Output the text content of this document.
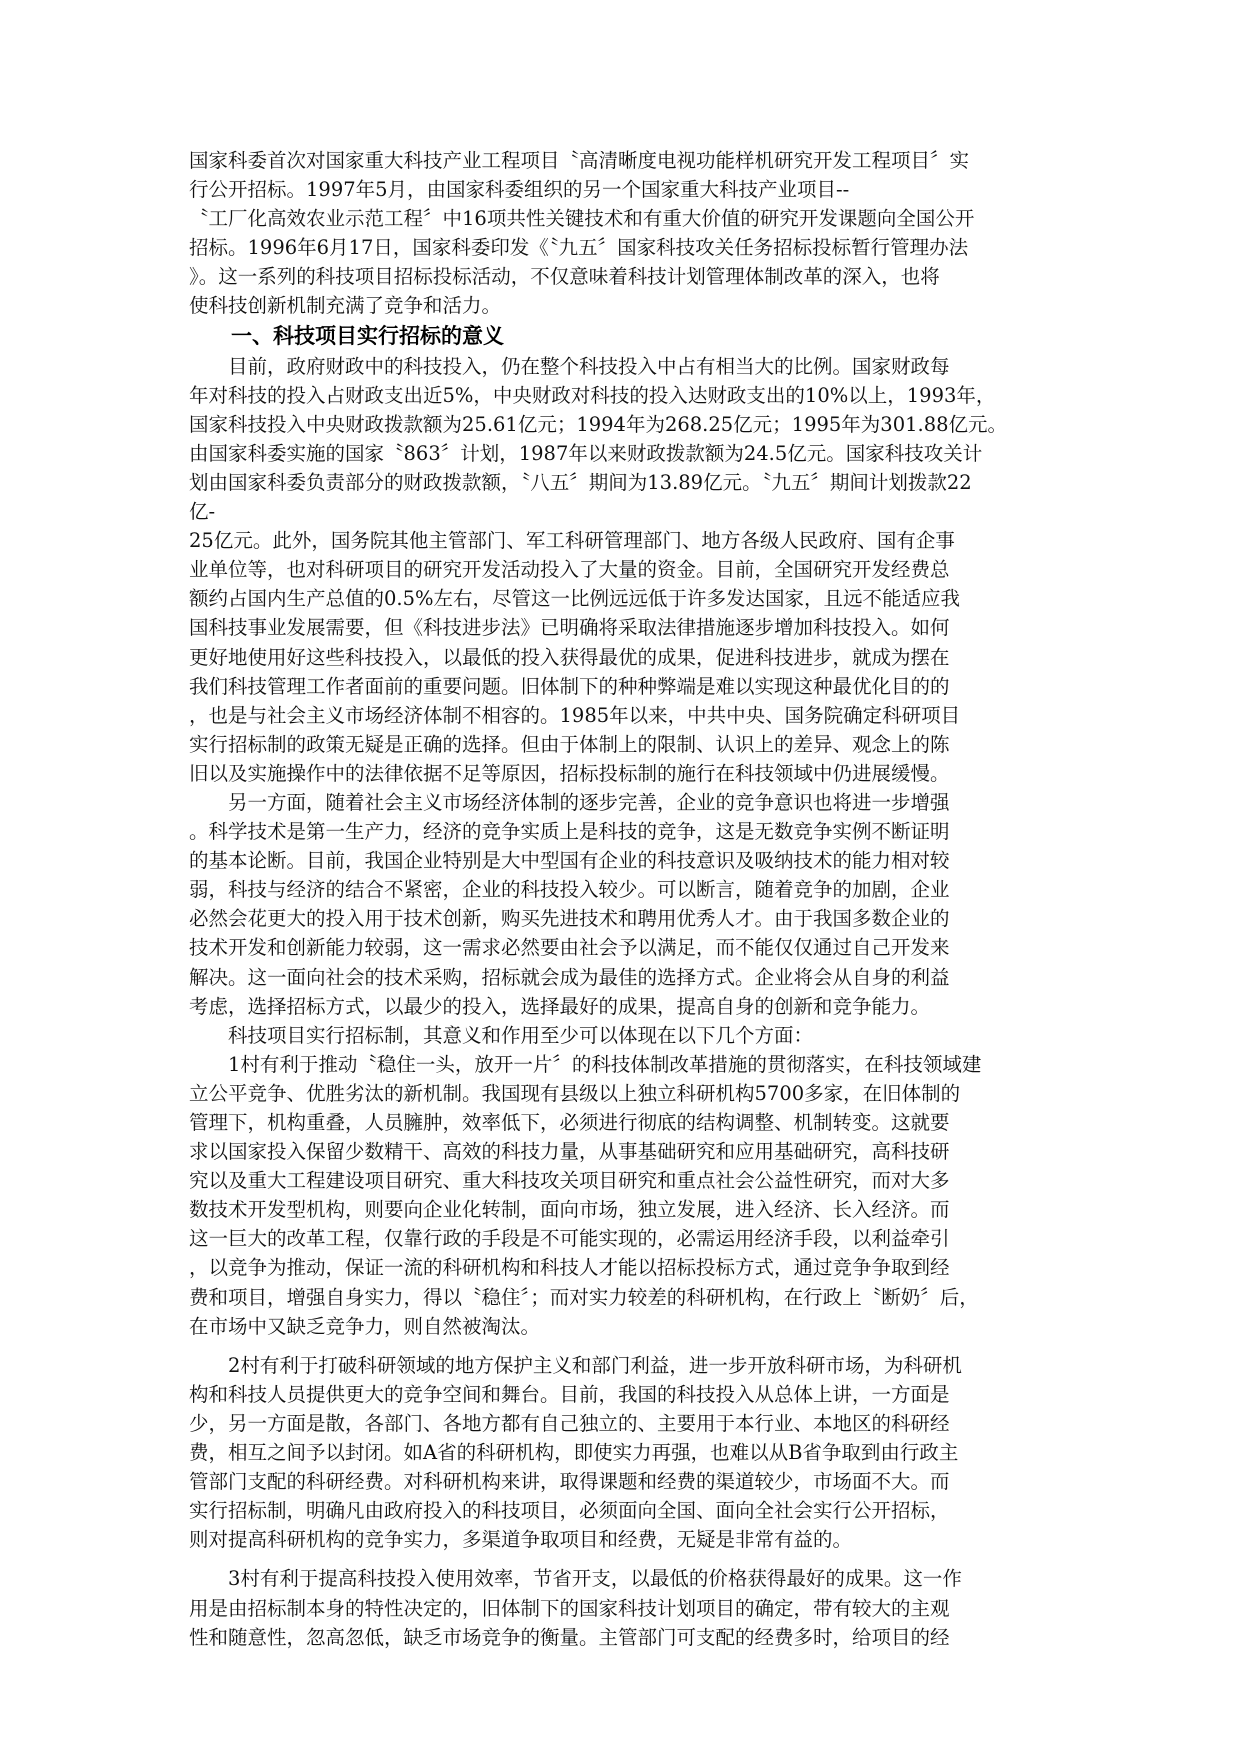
国家科委首次对国家重大科技产业工程项目〝高清晰度电视功能样机研究开发工程项目〞实
行公开招标。1997年5月，由国家科委组织的另一个国家重大科技产业项目--
〝工厂化高效农业示范工程〞中16项共性关键技术和有重大价值的研究开发课题向全国公开
招标。1996年6月17日，国家科委印发《〝九五〞国家科技攻关任务招标投标暂行管理办法
》。这一系列的科技项目招标投标活动，不仅意味着科技计划管理体制改革的深入，也将
使科技创新机制充满了竞争和活力。
一、科技项目实行招标的意义
目前，政府财政中的科技投入，仍在整个科技投入中占有相当大的比例。国家财政每
年对科技的投入占财政支出近5%，中央财政对科技的投入达财政支出的10%以上，1993年，
国家科技投入中央财政拨款额为25.61亿元；1994年为268.25亿元；1995年为301.88亿元。
由国家科委实施的国家〝863〞计划，1987年以来财政拨款额为24.5亿元。国家科技攻关计
划由国家科委负责部分的财政拨款额，〝八五〞期间为13.89亿元。〝九五〞期间计划拨款22
亿-
25亿元。此外，国务院其他主管部门、军工科研管理部门、地方各级人民政府、国有企事
业单位等，也对科研项目的研究开发活动投入了大量的资金。目前，全国研究开发经费总
额约占国内生产总值的0.5%左右，尽管这一比例远远低于许多发达国家，且远不能适应我
国科技事业发展需要，但《科技进步法》已明确将采取法律措施逐步增加科技投入。如何
更好地使用好这些科技投入，以最低的投入获得最优的成果，促进科技进步，就成为摆在
我们科技管理工作者面前的重要问题。旧体制下的种种弊端是难以实现这种最优化目的的
，也是与社会主义市场经济体制不相容的。1985年以来，中共中央、国务院确定科研项目
实行招标制的政策无疑是正确的选择。但由于体制上的限制、认识上的差异、观念上的陈
旧以及实施操作中的法律依据不足等原因，招标投标制的施行在科技领域中仍进展缓慢。
另一方面，随着社会主义市场经济体制的逐步完善，企业的竞争意识也将进一步增强
。科学技术是第一生产力，经济的竞争实质上是科技的竞争，这是无数竞争实例不断证明
的基本论断。目前，我国企业特别是大中型国有企业的科技意识及吸纳技术的能力相对较
弱，科技与经济的结合不紧密，企业的科技投入较少。可以断言，随着竞争的加剧，企业
必然会花更大的投入用于技术创新，购买先进技术和聘用优秀人才。由于我国多数企业的
技术开发和创新能力较弱，这一需求必然要由社会予以满足，而不能仅仅通过自己开发来
解决。这一面向社会的技术采购，招标就会成为最佳的选择方式。企业将会从自身的利益
考虑，选择招标方式，以最少的投入，选择最好的成果，提高自身的创新和竞争能力。
科技项目实行招标制，其意义和作用至少可以体现在以下几个方面：
1村有利于推动〝稳住一头，放开一片〞的科技体制改革措施的贯彻落实，在科技领域建
立公平竞争、优胜劣汰的新机制。我国现有县级以上独立科研机构5700多家，在旧体制的
管理下，机构重叠，人员臃肿，效率低下，必须进行彻底的结构调整、机制转变。这就要
求以国家投入保留少数精干、高效的科技力量，从事基础研究和应用基础研究，高科技研
究以及重大工程建设项目研究、重大科技攻关项目研究和重点社会公益性研究，而对大多
数技术开发型机构，则要向企业化转制，面向市场，独立发展，进入经济、长入经济。而
这一巨大的改革工程，仅靠行政的手段是不可能实现的，必需运用经济手段，以利益牵引
，以竞争为推动，保证一流的科研机构和科技人才能以招标投标方式，通过竞争争取到经
费和项目，增强自身实力，得以〝稳住〞；而对实力较差的科研机构，在行政上〝断奶〞后，
在市场中又缺乏竞争力，则自然被淘汰。
2村有利于打破科研领域的地方保护主义和部门利益，进一步开放科研市场，为科研机
构和科技人员提供更大的竞争空间和舞台。目前，我国的科技投入从总体上讲，一方面是
少，另一方面是散，各部门、各地方都有自己独立的、主要用于本行业、本地区的科研经
费，相互之间予以封闭。如A省的科研机构，即使实力再强，也难以从B省争取到由行政主
管部门支配的科研经费。对科研机构来讲，取得课题和经费的渠道较少，市场面不大。而
实行招标制，明确凡由政府投入的科技项目，必须面向全国、面向全社会实行公开招标，
则对提高科研机构的竞争实力，多渠道争取项目和经费，无疑是非常有益的。
3村有利于提高科技投入使用效率，节省开支，以最低的价格获得最好的成果。这一作
用是由招标制本身的特性决定的，旧体制下的国家科技计划项目的确定，带有较大的主观
性和随意性，忽高忽低，缺乏市场竞争的衡量。主管部门可支配的经费多时，给项目的经
